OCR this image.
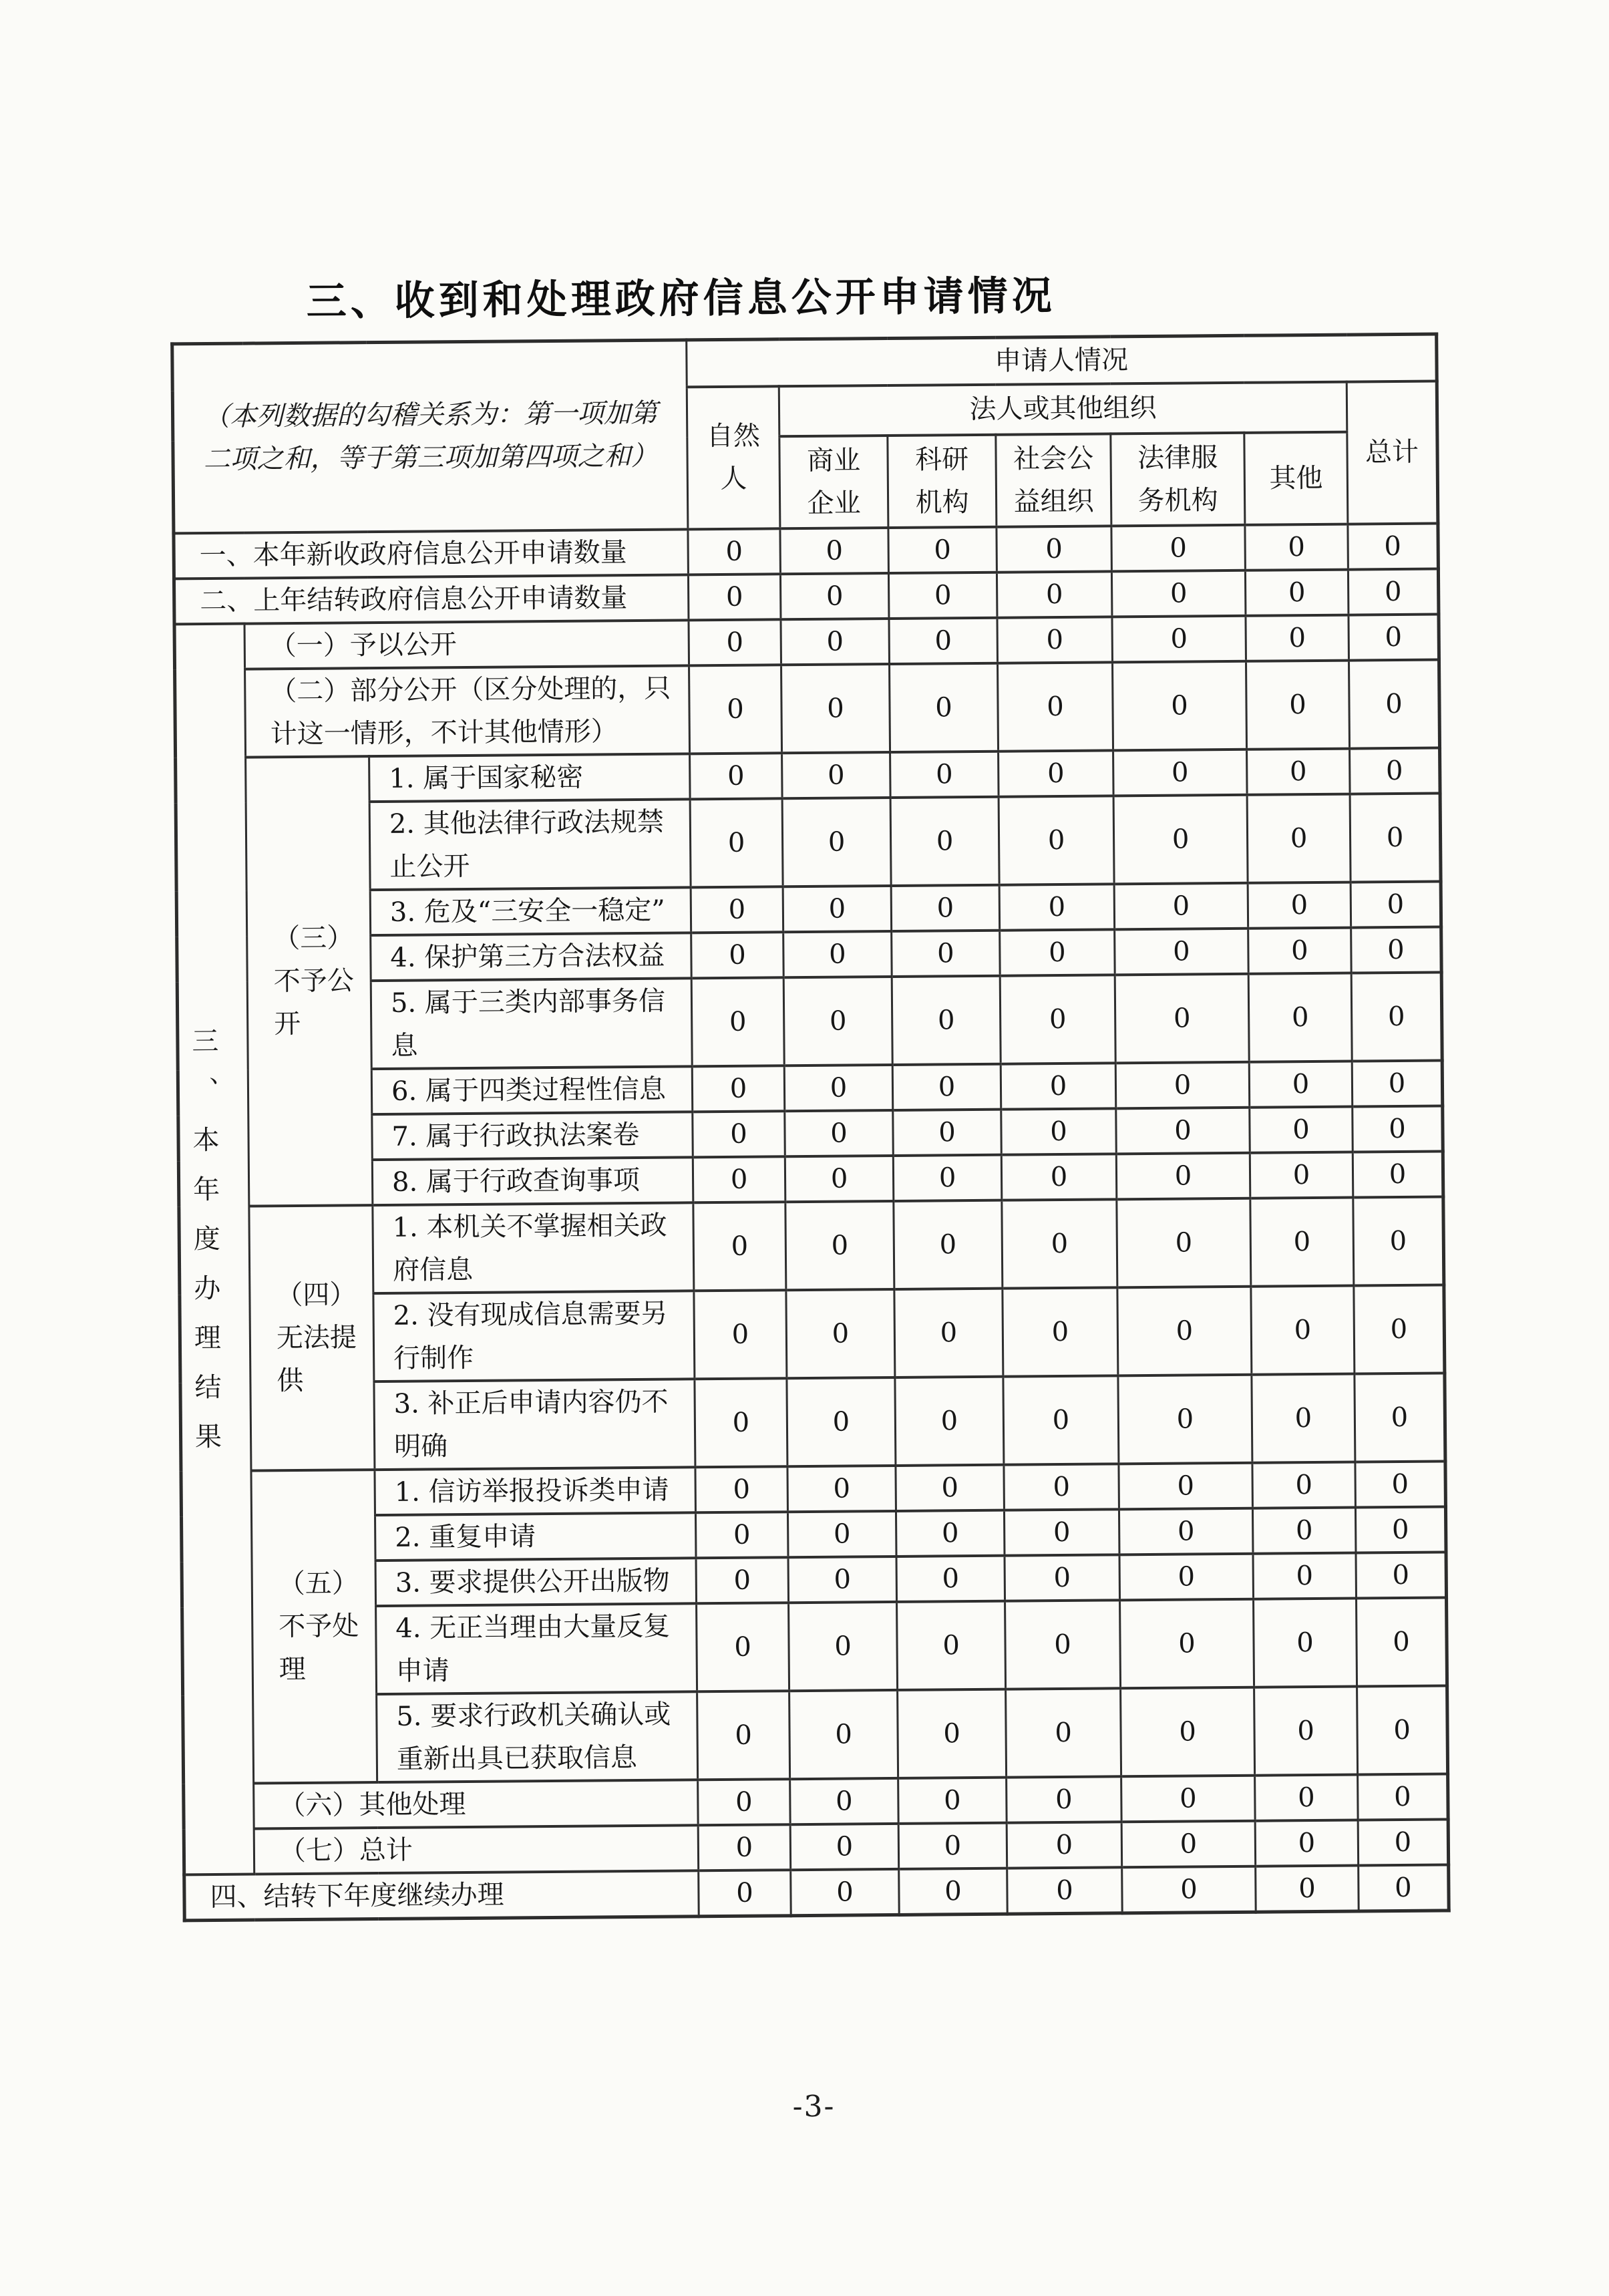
三、收到和处理政府信息公开申请情况
（本列数据的勾稽关系为：第一项加第二项之和，等于第三项加第四项之和）			申请人情况						
			自然人	法人或其他组织					总计
				商业企业	科研机构	社会公益组织	法律服务机构	其他	
一、本年新收政府信息公开申请数量			0	0	0	0	0	0	0
二、上年结转政府信息公开申请数量			0	0	0	0	0	0	0
三、本年度办理结果	（一）予以公开		0	0	0	0	0	0	0
	（二）部分公开（区分处理的，只计这一情形，不计其他情形）		0	0	0	0	0	0	0
	（三）不予公开	1. 属于国家秘密	0	0	0	0	0	0	0
		2. 其他法律行政法规禁止公开	0	0	0	0	0	0	0
		3. 危及“三安全一稳定”	0	0	0	0	0	0	0
		4. 保护第三方合法权益	0	0	0	0	0	0	0
		5. 属于三类内部事务信息	0	0	0	0	0	0	0
		6. 属于四类过程性信息	0	0	0	0	0	0	0
		7. 属于行政执法案卷	0	0	0	0	0	0	0
		8. 属于行政查询事项	0	0	0	0	0	0	0
	（四）无法提供	1. 本机关不掌握相关政府信息	0	0	0	0	0	0	0
		2. 没有现成信息需要另行制作	0	0	0	0	0	0	0
		3. 补正后申请内容仍不明确	0	0	0	0	0	0	0
	（五）不予处理	1. 信访举报投诉类申请	0	0	0	0	0	0	0
		2. 重复申请	0	0	0	0	0	0	0
		3. 要求提供公开出版物	0	0	0	0	0	0	0
		4. 无正当理由大量反复申请	0	0	0	0	0	0	0
		5. 要求行政机关确认或重新出具已获取信息	0	0	0	0	0	0	0
	（六）其他处理		0	0	0	0	0	0	0
	（七）总计		0	0	0	0	0	0	0
四、结转下年度继续办理			0	0	0	0	0	0	0
-3-
